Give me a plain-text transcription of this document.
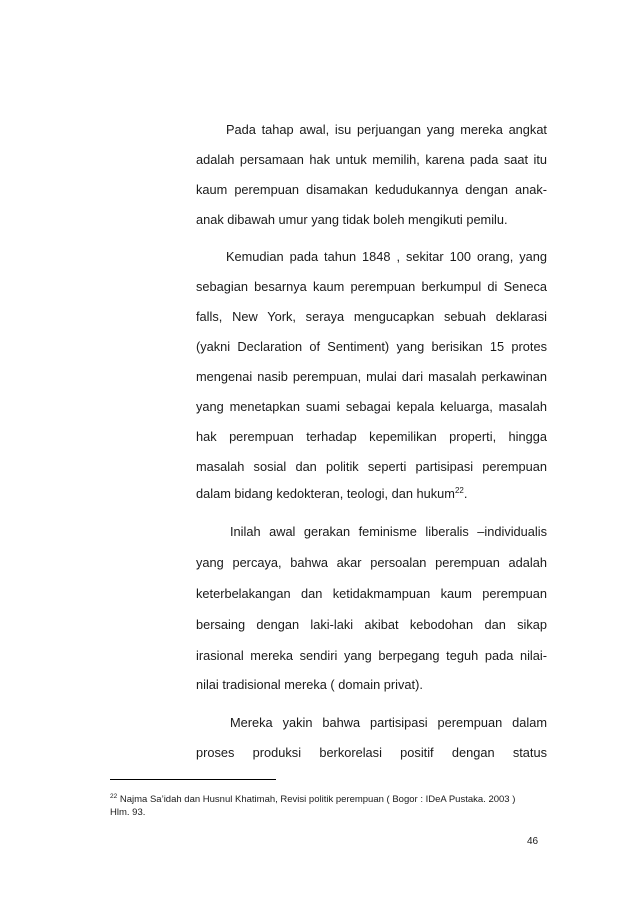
Pada tahap awal, isu perjuangan yang mereka angkat
adalah persamaan hak untuk memilih, karena pada saat itu
kaum perempuan disamakan kedudukannya dengan anak-
anak dibawah umur yang tidak boleh mengikuti pemilu.
Kemudian pada tahun 1848 , sekitar 100 orang, yang
sebagian besarnya kaum perempuan berkumpul di Seneca
falls, New York, seraya mengucapkan sebuah deklarasi
(yakni Declaration of Sentiment) yang berisikan 15 protes
mengenai nasib perempuan, mulai dari masalah perkawinan
yang menetapkan suami sebagai kepala keluarga, masalah
hak perempuan terhadap kepemilikan properti, hingga
masalah sosial dan politik seperti partisipasi perempuan
dalam bidang kedokteran, teologi, dan hukum$^{22}$.
Inilah awal gerakan feminisme liberalis –individualis
yang percaya, bahwa akar persoalan perempuan adalah
keterbelakangan dan ketidakmampuan kaum perempuan
bersaing dengan laki-laki akibat kebodohan dan sikap
irasional mereka sendiri yang berpegang teguh pada nilai-
nilai tradisional mereka ( domain privat).
Mereka yakin bahwa partisipasi perempuan dalam
proses produksi berkorelasi positif dengan status
$^{22}$ Najma Sa’idah dan Husnul Khatimah, Revisi politik perempuan ( Bogor : IDeA Pustaka. 2003 )
Hlm. 93.
46
